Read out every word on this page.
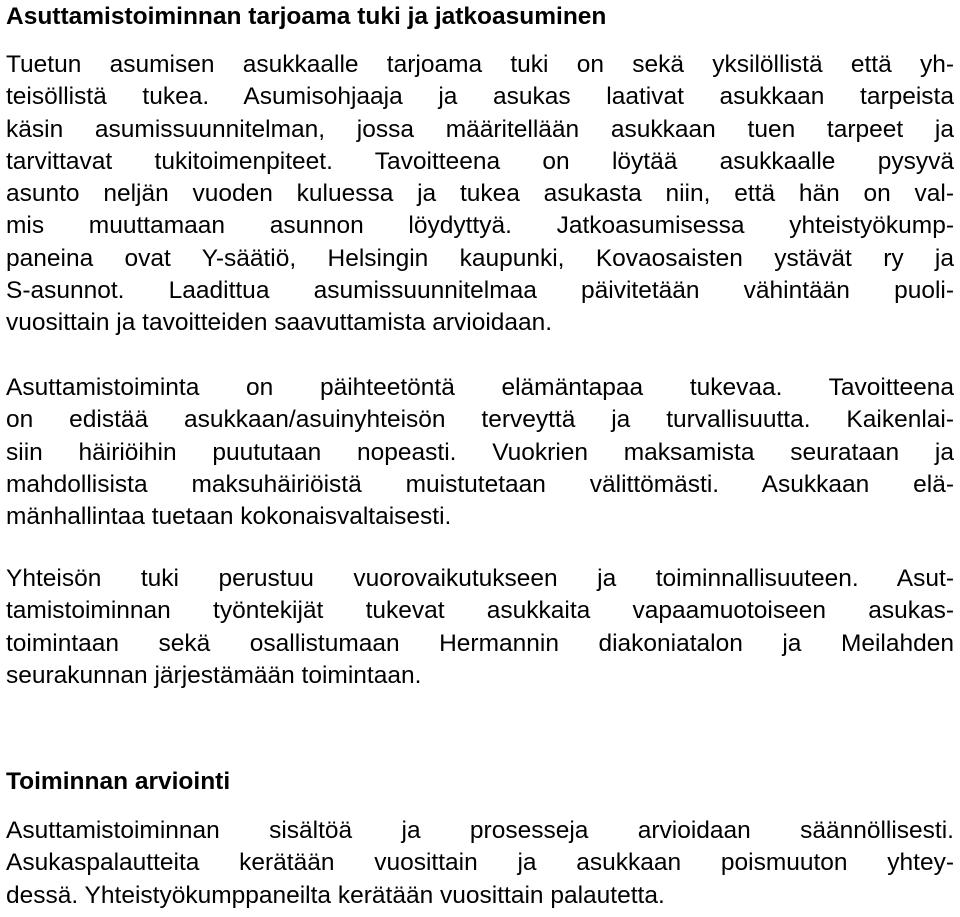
Asuttamistoiminnan tarjoama tuki ja jatkoasuminen
Tuetun asumisen asukkaalle tarjoama tuki on sekä yksilöllistä että yh-
teisöllistä tukea. Asumisohjaaja ja asukas laativat asukkaan tarpeista
käsin asumissuunnitelman, jossa määritellään asukkaan tuen tarpeet ja
tarvittavat tukitoimenpiteet. Tavoitteena on löytää asukkaalle pysyvä
asunto neljän vuoden kuluessa ja tukea asukasta niin, että hän on val-
mis muuttamaan asunnon löydyttyä. Jatkoasumisessa yhteistyökump-
paneina ovat Y-säätiö, Helsingin kaupunki, Kovaosaisten ystävät ry ja
S-asunnot. Laadittua asumissuunnitelmaa päivitetään vähintään puoli-
vuosittain ja tavoitteiden saavuttamista arvioidaan.
Asuttamistoiminta on päihteetöntä elämäntapaa tukevaa. Tavoitteena
on edistää asukkaan/asuinyhteisön terveyttä ja turvallisuutta. Kaikenlai-
siin häiriöihin puututaan nopeasti. Vuokrien maksamista seurataan ja
mahdollisista maksuhäiriöistä muistutetaan välittömästi. Asukkaan elä-
mänhallintaa tuetaan kokonaisvaltaisesti.
Yhteisön tuki perustuu vuorovaikutukseen ja toiminnallisuuteen. Asut-
tamistoiminnan työntekijät tukevat asukkaita vapaamuotoiseen asukas-
toimintaan sekä osallistumaan Hermannin diakoniatalon ja Meilahden
seurakunnan järjestämään toimintaan.
Toiminnan arviointi
Asuttamistoiminnan sisältöä ja prosesseja arvioidaan säännöllisesti.
Asukaspalautteita kerätään vuosittain ja asukkaan poismuuton yhtey-
dessä. Yhteistyökumppaneilta kerätään vuosittain palautetta.
